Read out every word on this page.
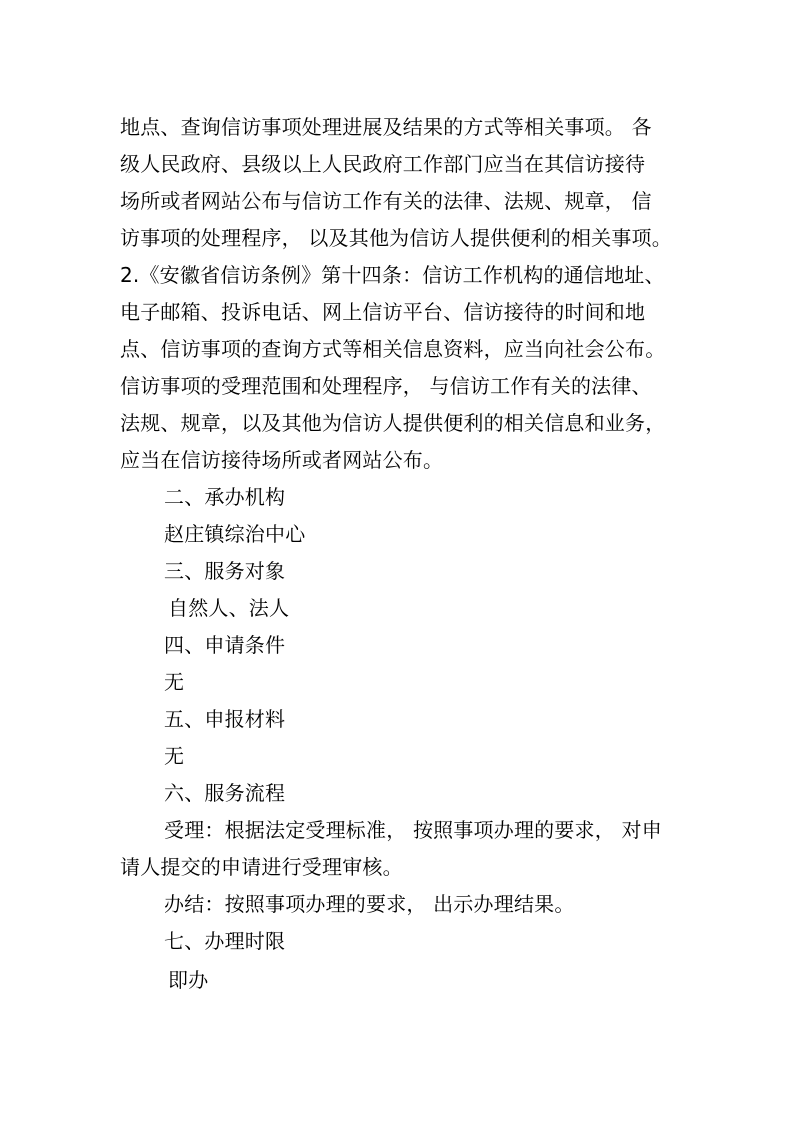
地点、查询信访事项处理进展及结果的方式等相关事项。 各
级人民政府、县级以上人民政府工作部门应当在其信访接待
场所或者网站公布与信访工作有关的法律、法规、规章， 信
访事项的处理程序， 以及其他为信访人提供便利的相关事项。
2.《安徽省信访条例》第十四条：信访工作机构的通信地址、
电子邮箱、投诉电话、网上信访平台、信访接待的时间和地
点、信访事项的查询方式等相关信息资料，应当向社会公布。
信访事项的受理范围和处理程序， 与信访工作有关的法律、
法规、规章，以及其他为信访人提供便利的相关信息和业务，
应当在信访接待场所或者网站公布。
二、承办机构
赵庄镇综治中心
三、服务对象
自然人、法人
四、申请条件
无
五、申报材料
无
六、服务流程
受理：根据法定受理标准， 按照事项办理的要求， 对申
请人提交的申请进行受理审核。
办结：按照事项办理的要求， 出示办理结果。
七、办理时限
即办
